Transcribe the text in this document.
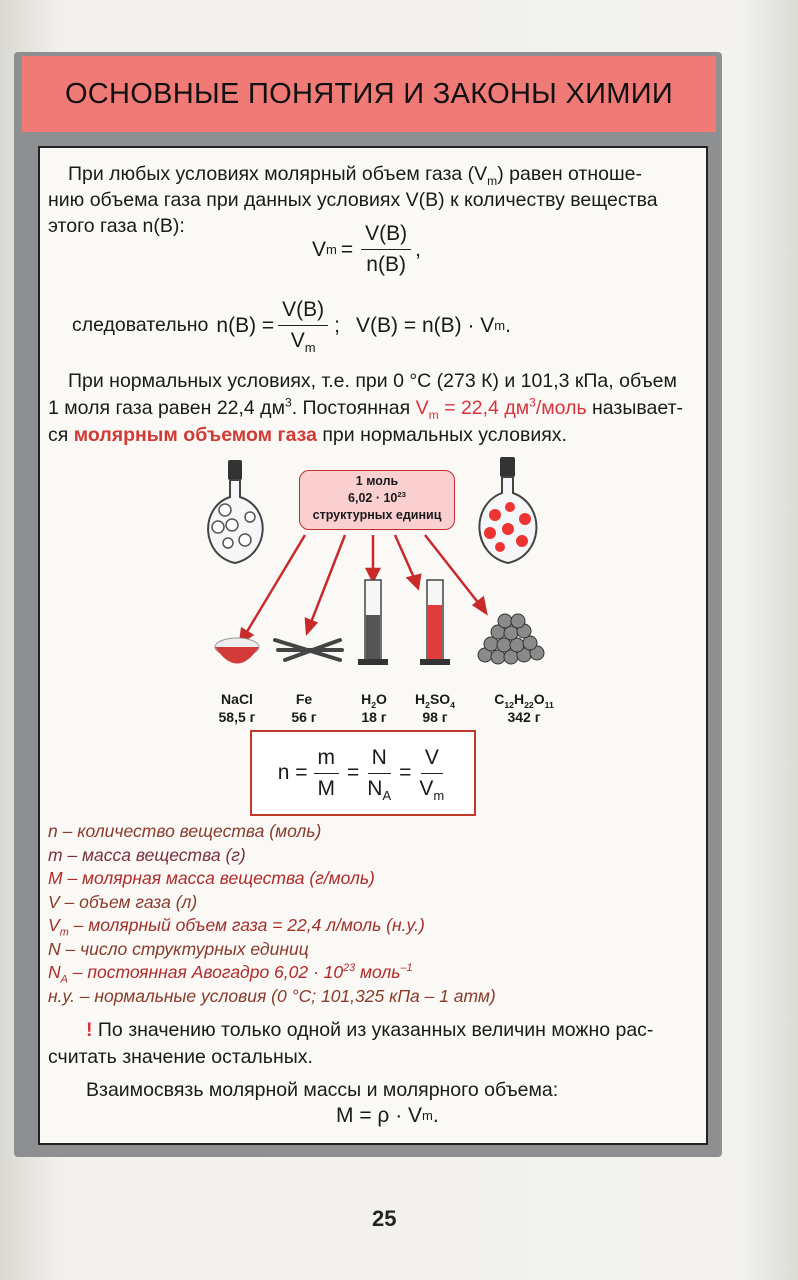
ОСНОВНЫЕ ПОНЯТИЯ И ЗАКОНЫ ХИМИИ
При любых условиях молярный объем газа $(V_m)$ равен отноше-
нию объема газа при данных условиях V(B) к количеству вещества
этого газа n(B):
V $m = \frac{V(B)}{n(B)}$ ,
следовательно $n(B) = \frac{V(B)}{V_m}$ ; V(B) = n(B) · V m .
При нормальных условиях, т.е. при 0 °С (273 К) и 101,3 кПа, объем
1 моля газа равен 22,4 $дм^3$. Постоянная $V_m = 22,4$ $дм^3$/моль называет-
ся молярным объемом газа при нормальных условиях.
1 моль
$6,02 \cdot 10^{23}$
структурных единиц
NaCl
58,5 г
Fe
56 г
$H_2O$
18 г
$H_2SO_4$
98 г
$C_{12}H_{22}O_{11}$
342 г
$n = \frac{m}{M} = \frac{N}{N_A} = \frac{V}{V_m}$
n – количество вещества (моль)
m – масса вещества (г)
М – молярная масса вещества (г/моль)
V – объем газа (л)
$V_m$ – молярный объем газа = 22,4 л/моль (н.у.)
N – число структурных единиц
$N_A$ – постоянная Авогадро $6,02 \cdot 10^{23}$ моль$^{-1}$
н.у. – нормальные условия (0 °С; 101,325 кПа – 1 атм)
! По значению только одной из указанных величин можно рас-
считать значение остальных.
Взаимосвязь молярной массы и молярного объема:
М = ρ · V m .
25
